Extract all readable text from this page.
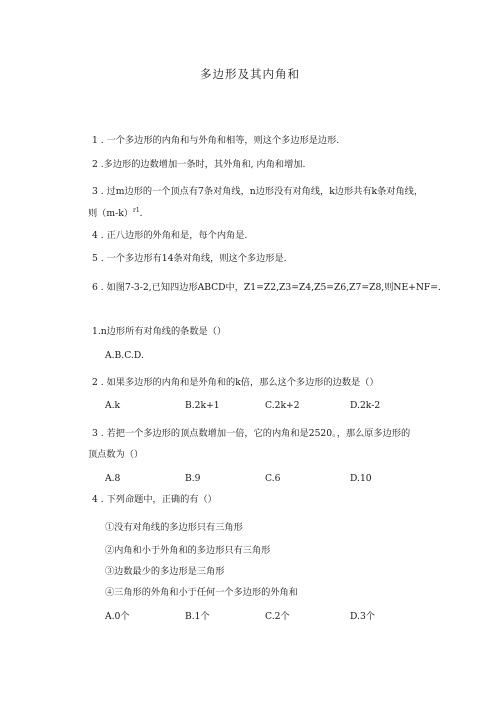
多边形及其内角和
1 . 一个多边形的内角和与外角和相等，则这个多边形是边形.
2 .多边形的边数增加一条时，其外角和, 内角和增加.
3 . 过m边形的一个顶点有7条对角线，n边形没有对角线，k边形共有k条对角线，
则$(m-k)^{r1}$.
4 . 正八边形的外角和是，每个内角是.
5 . 一个多边形有14条对角线，则这个多边形是.
6 . 如图7-3-2,已知四边形ABCD中，Z1=Z2,Z3=Z4,Z5=Z6,Z7=Z8,则NE+NF=.
1.n边形所有对角线的条数是（）
A.B.C.D.
2 . 如果多边形的内角和是外角和的k倍，那么这个多边形的边数是（）
A.k	B.2k+1	C.2k+2	D.2k-2
3 . 若把一个多边形的顶点数增加一倍，它的内角和是2520。，那么原多边形的
顶点数为（）
A.8	B.9	C.6	D.10
4 . 下列命题中，正确的有（）
①没有对角线的多边形只有三角形
②内角和小于外角和的多边形只有三角形
③边数最少的多边形是三角形
④三角形的外角和小于任何一个多边形的外角和
A.0个	B.1个	C.2个	D.3个
